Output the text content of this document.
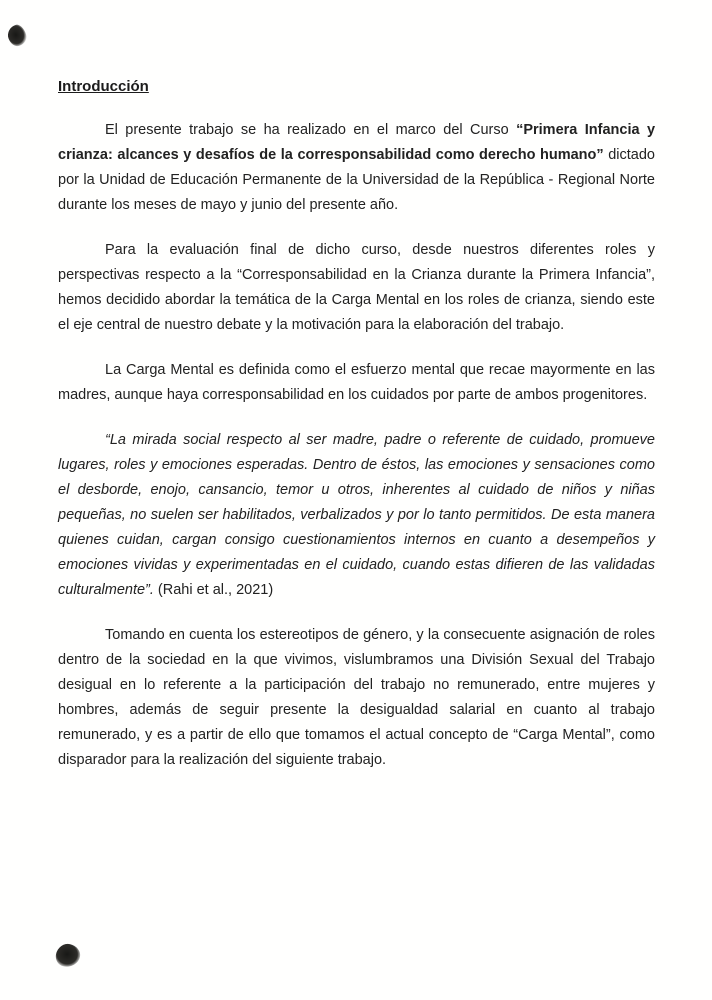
Introducción

El presente trabajo se ha realizado en el marco del Curso “Primera Infancia y crianza: alcances y desafíos de la corresponsabilidad como derecho humano” dictado por la Unidad de Educación Permanente de la Universidad de la República - Regional Norte durante los meses de mayo y junio del presente año.

Para la evaluación final de dicho curso, desde nuestros diferentes roles y perspectivas respecto a la “Corresponsabilidad en la Crianza durante la Primera Infancia”, hemos decidido abordar la temática de la Carga Mental en los roles de crianza, siendo este el eje central de nuestro debate y la motivación para la elaboración del trabajo.

La Carga Mental es definida como el esfuerzo mental que recae mayormente en las madres, aunque haya corresponsabilidad en los cuidados por parte de ambos progenitores.

“La mirada social respecto al ser madre, padre o referente de cuidado, promueve lugares, roles y emociones esperadas. Dentro de éstos, las emociones y sensaciones como el desborde, enojo, cansancio, temor u otros, inherentes al cuidado de niños y niñas pequeñas, no suelen ser habilitados, verbalizados y por lo tanto permitidos. De esta manera quienes cuidan, cargan consigo cuestionamientos internos en cuanto a desempeños y emociones vividas y experimentadas en el cuidado, cuando estas difieren de las validadas culturalmente”. (Rahi et al., 2021)

Tomando en cuenta los estereotipos de género, y la consecuente asignación de roles dentro de la sociedad en la que vivimos, vislumbramos una División Sexual del Trabajo desigual en lo referente a la participación del trabajo no remunerado, entre mujeres y hombres, además de seguir presente la desigualdad salarial en cuanto al trabajo remunerado, y es a partir de ello que tomamos el actual concepto de “Carga Mental”, como disparador para la realización del siguiente trabajo.
